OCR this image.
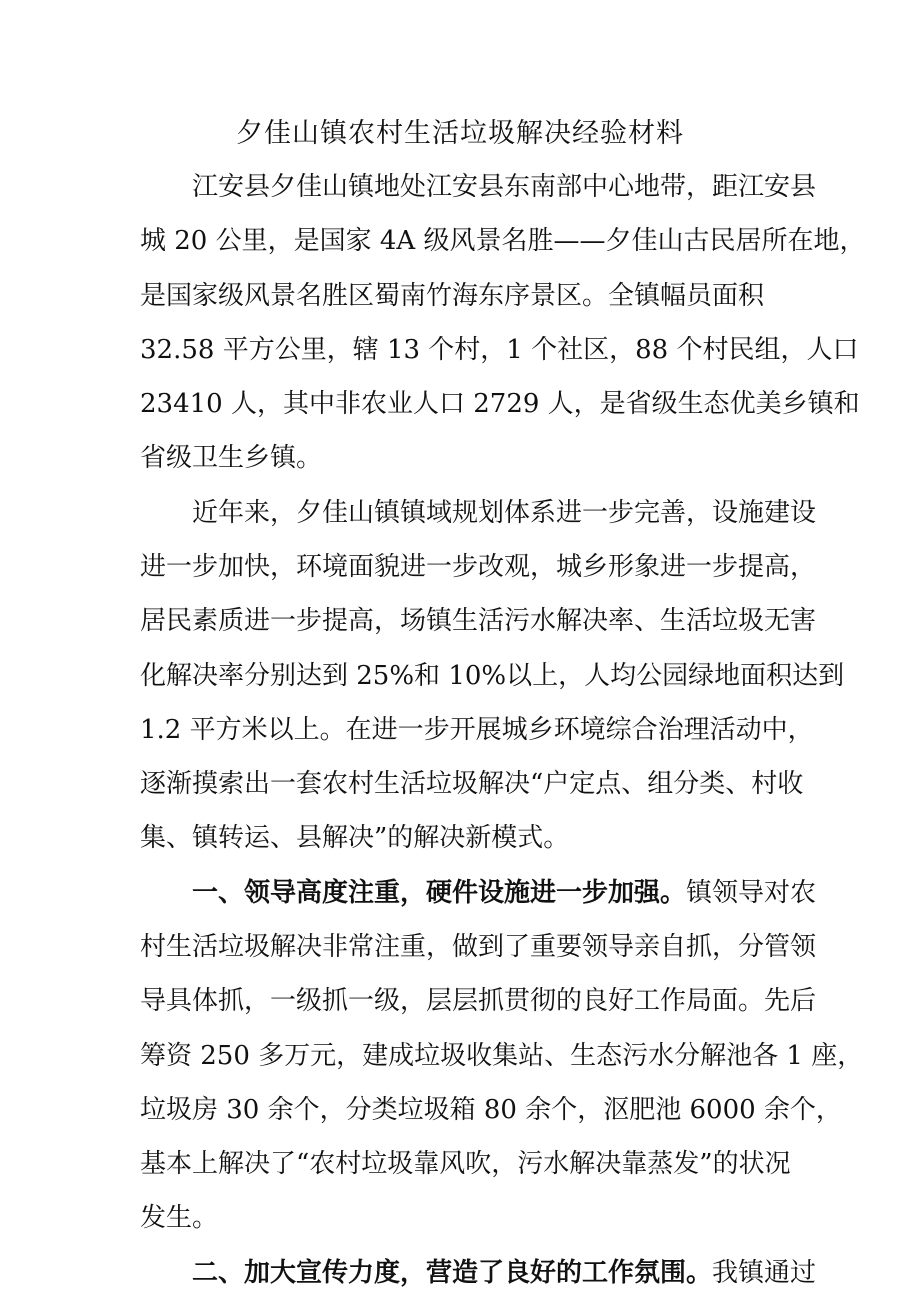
夕佳山镇农村生活垃圾解决经验材料
江安县夕佳山镇地处江安县东南部中心地带，距江安县
城 20 公里，是国家 4A 级风景名胜——夕佳山古民居所在地，
是国家级风景名胜区蜀南竹海东序景区。全镇幅员面积
32.58 平方公里，辖 13 个村，1 个社区，88 个村民组，人口
23410 人，其中非农业人口 2729 人，是省级生态优美乡镇和
省级卫生乡镇。
近年来，夕佳山镇镇域规划体系进一步完善，设施建设
进一步加快，环境面貌进一步改观，城乡形象进一步提高，
居民素质进一步提高，场镇生活污水解决率、生活垃圾无害
化解决率分别达到 25%和 10%以上，人均公园绿地面积达到
1.2 平方米以上。在进一步开展城乡环境综合治理活动中，
逐渐摸索出一套农村生活垃圾解决“户定点、组分类、村收
集、镇转运、县解决”的解决新模式。
一、领导高度注重，硬件设施进一步加强。镇领导对农
村生活垃圾解决非常注重，做到了重要领导亲自抓，分管领
导具体抓，一级抓一级，层层抓贯彻的良好工作局面。先后
筹资 250 多万元，建成垃圾收集站、生态污水分解池各 1 座，
垃圾房 30 余个，分类垃圾箱 80 余个，沤肥池 6000 余个，
基本上解决了“农村垃圾靠风吹，污水解决靠蒸发”的状况
发生。
二、加大宣传力度，营造了良好的工作氛围。我镇通过
